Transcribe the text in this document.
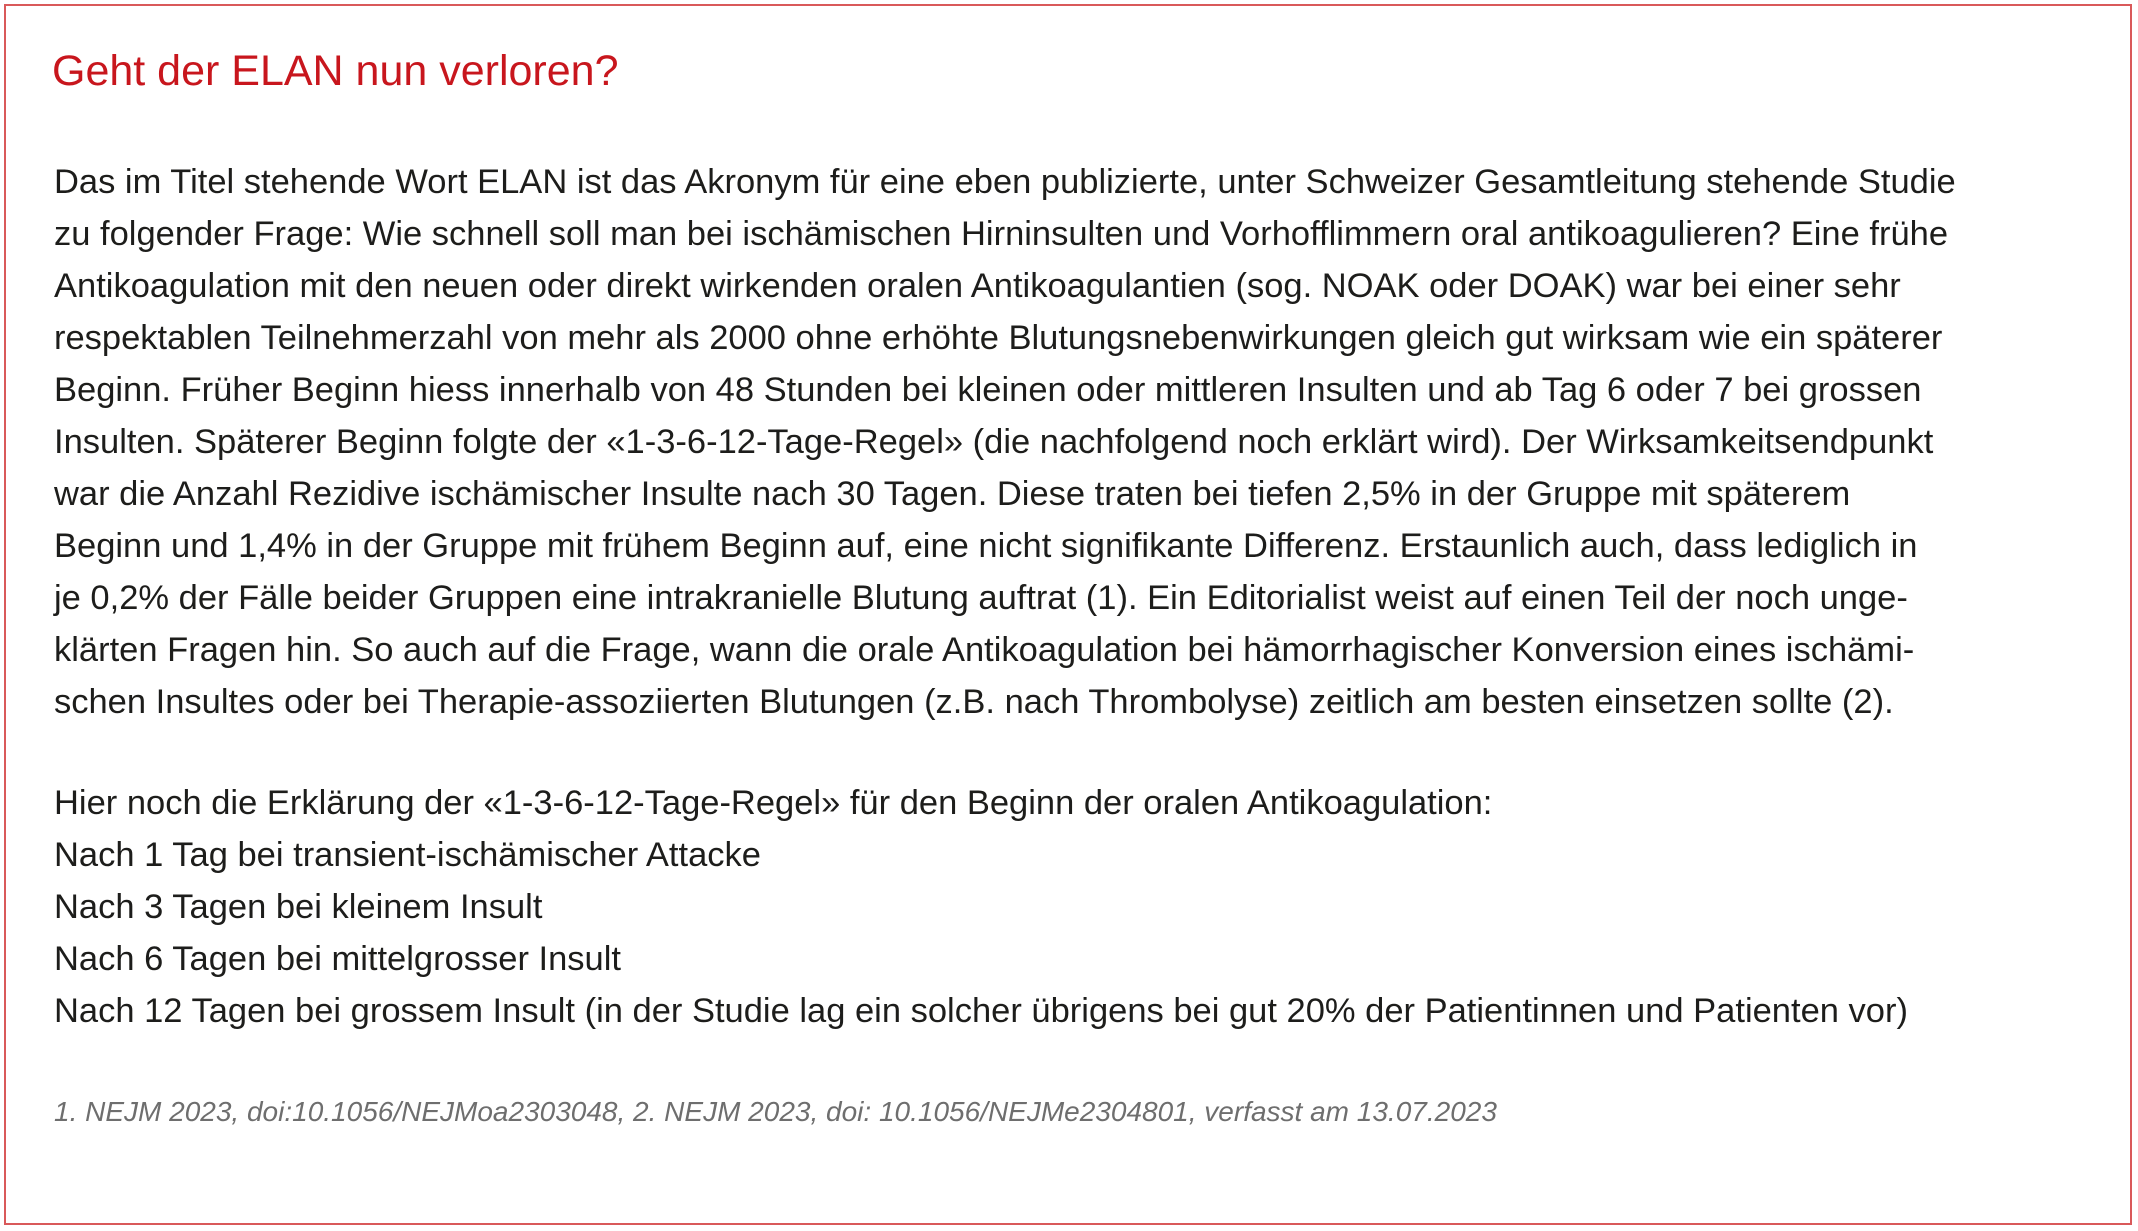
Geht der ELAN nun verloren?

Das im Titel stehende Wort ELAN ist das Akronym für eine eben publizierte, unter Schweizer Gesamtleitung stehende Studie
zu folgender Frage: Wie schnell soll man bei ischämischen Hirninsulten und Vorhofflimmern oral antikoagulieren? Eine frühe
Antikoagulation mit den neuen oder direkt wirkenden oralen Antikoagulantien (sog. NOAK oder DOAK) war bei einer sehr
respektablen Teilnehmerzahl von mehr als 2000 ohne erhöhte Blutungsnebenwirkungen gleich gut wirksam wie ein späterer
Beginn. Früher Beginn hiess innerhalb von 48 Stunden bei kleinen oder mittleren Insulten und ab Tag 6 oder 7 bei grossen
Insulten. Späterer Beginn folgte der «1-3-6-12-Tage-Regel» (die nachfolgend noch erklärt wird). Der Wirksamkeitsendpunkt
war die Anzahl Rezidive ischämischer Insulte nach 30 Tagen. Diese traten bei tiefen 2,5% in der Gruppe mit späterem
Beginn und 1,4% in der Gruppe mit frühem Beginn auf, eine nicht signifikante Differenz. Erstaunlich auch, dass lediglich in
je 0,2% der Fälle beider Gruppen eine intrakranielle Blutung auftrat (1). Ein Editorialist weist auf einen Teil der noch unge-
klärten Fragen hin. So auch auf die Frage, wann die orale Antikoagulation bei hämorrhagischer Konversion eines ischämi-
schen Insultes oder bei Therapie-assoziierten Blutungen (z.B. nach Thrombolyse) zeitlich am besten einsetzen sollte (2).

Hier noch die Erklärung der «1-3-6-12-Tage-Regel» für den Beginn der oralen Antikoagulation:
Nach 1 Tag bei transient-ischämischer Attacke
Nach 3 Tagen bei kleinem Insult
Nach 6 Tagen bei mittelgrosser Insult
Nach 12 Tagen bei grossem Insult (in der Studie lag ein solcher übrigens bei gut 20% der Patientinnen und Patienten vor)

1. NEJM 2023, doi:10.1056/NEJMoa2303048, 2. NEJM 2023, doi: 10.1056/NEJMe2304801, verfasst am 13.07.2023
